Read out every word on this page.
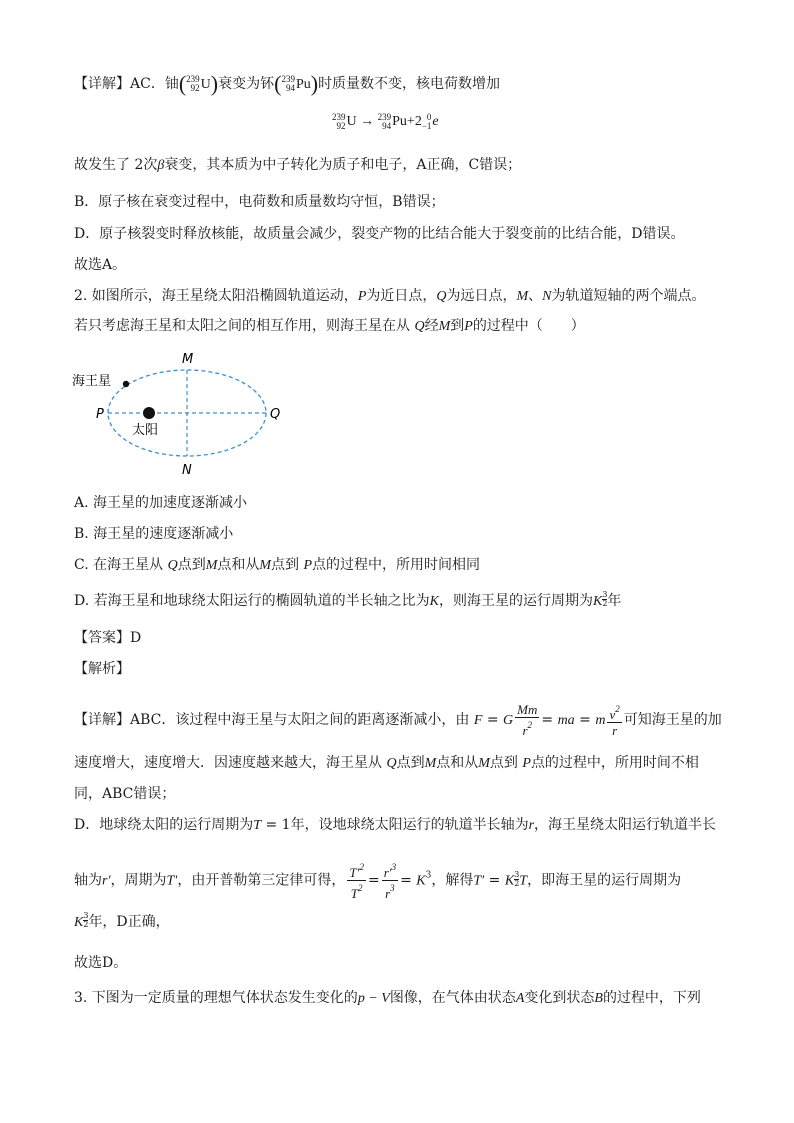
【详解】AC．铀( 239
92 U)衰变为钚( 239
94 Pu)时质量数不变，核电荷数增加
239
92 U → 239
94 Pu+2 0
−1 e
故发生了 2次β衰变，其本质为中子转化为质子和电子，A正确，C错误；
B．原子核在衰变过程中，电荷数和质量数均守恒，B错误；
D．原子核裂变时释放核能，故质量会减少，裂变产物的比结合能大于裂变前的比结合能，D错误。
故选A。
2. 如图所示，海王星绕太阳沿椭圆轨道运动，P为近日点，Q为远日点，M、N为轨道短轴的两个端点。
若只考虑海王星和太阳之间的相互作用，则海王星在从 Q经M到P的过程中（　　）
海王星
太阳
M
N
P	Q
A. 海王星的加速度逐渐减小
B. 海王星的速度逐渐减小
C. 在海王星从 Q点到M点和从M点到 P点的过程中，所用时间相同
D. 若海王星和地球绕太阳运行的椭圆轨道的半长轴之比为K，则海王星的运行周期为K $\frac{3}{2}$ 年
【答案】D
【解析】
【详解】ABC．该过程中海王星与太阳之间的距离逐渐减小，由 F = G $\frac{Mm}{r^2}$ = ma = m $\frac{v^2}{r}$ 可知海王星的加
速度增大，速度增大．因速度越来越大，海王星从 Q点到M点和从M点到 P点的过程中，所用时间不相
同，ABC错误；
D．地球绕太阳的运行周期为T = 1年，设地球绕太阳运行的轨道半长轴为r，海王星绕太阳运行轨道半长
轴为r′，周期为T′，由开普勒第三定律可得， $\frac{T'^2}{T^2} = \frac{r'^3}{r^3} = K^3$，解得T′ = K $\frac{3}{2}$ T，即海王星的运行周期为
K $\frac{3}{2}$ 年，D正确，
故选D。
3. 下图为一定质量的理想气体状态发生变化的p − V图像，在气体由状态A变化到状态B的过程中，下列
